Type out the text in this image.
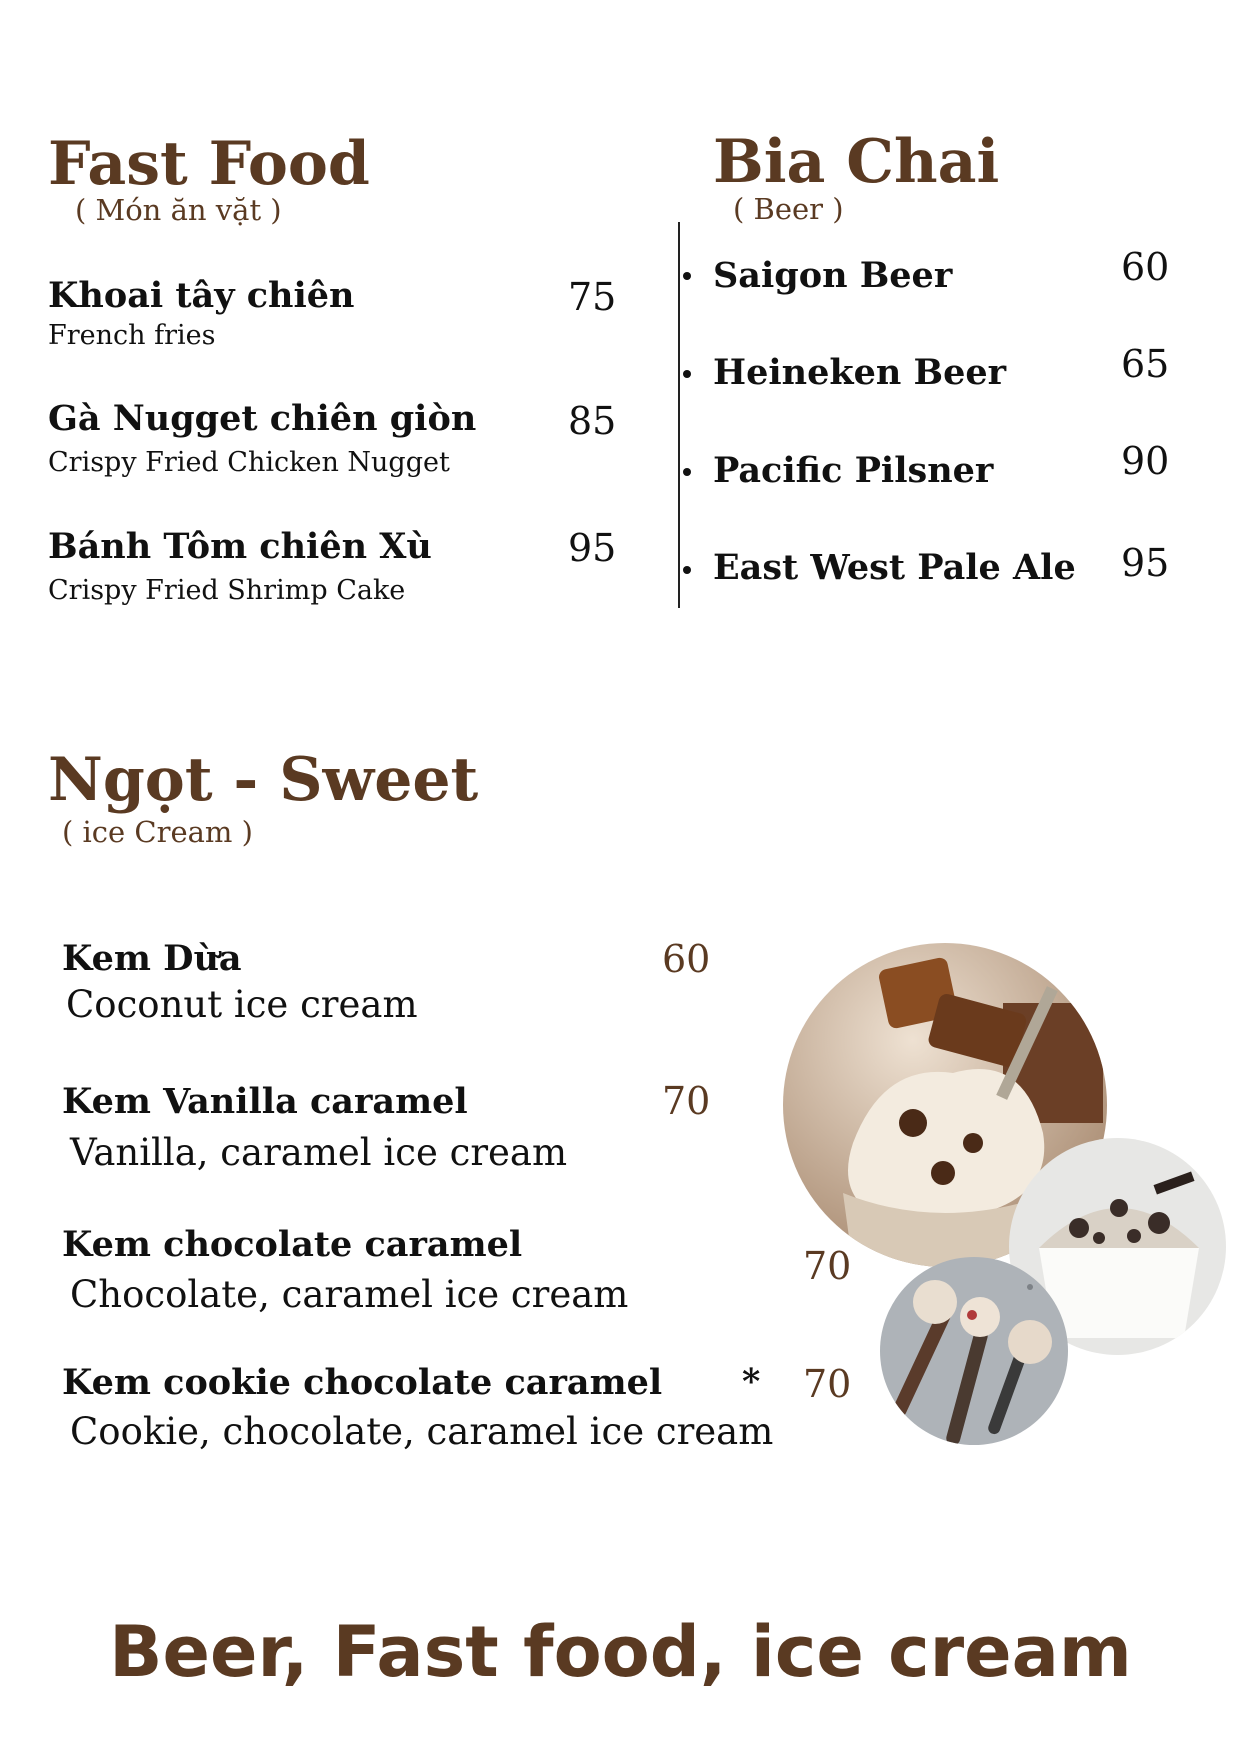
Fast Food
( Món ăn vặt )
Khoai tây chiên
French fries
75
Gà Nugget chiên giòn
Crispy Fried Chicken Nugget
85
Bánh Tôm chiên Xù
Crispy Fried Shrimp Cake
95
Bia Chai
( Beer )
Saigon Beer	60
Heineken Beer	65
Pacific Pilsner	90
East West Pale Ale 95
Ngọt - Sweet
( ice Cream )
Kem Dừa
Coconut ice cream
60
Kem Vanilla caramel
Vanilla, caramel ice cream
70
Kem chocolate caramel
Chocolate, caramel ice cream
70
Kem cookie chocolate caramel *
Cookie, chocolate, caramel ice cream
70
Beer, Fast food, ice cream
